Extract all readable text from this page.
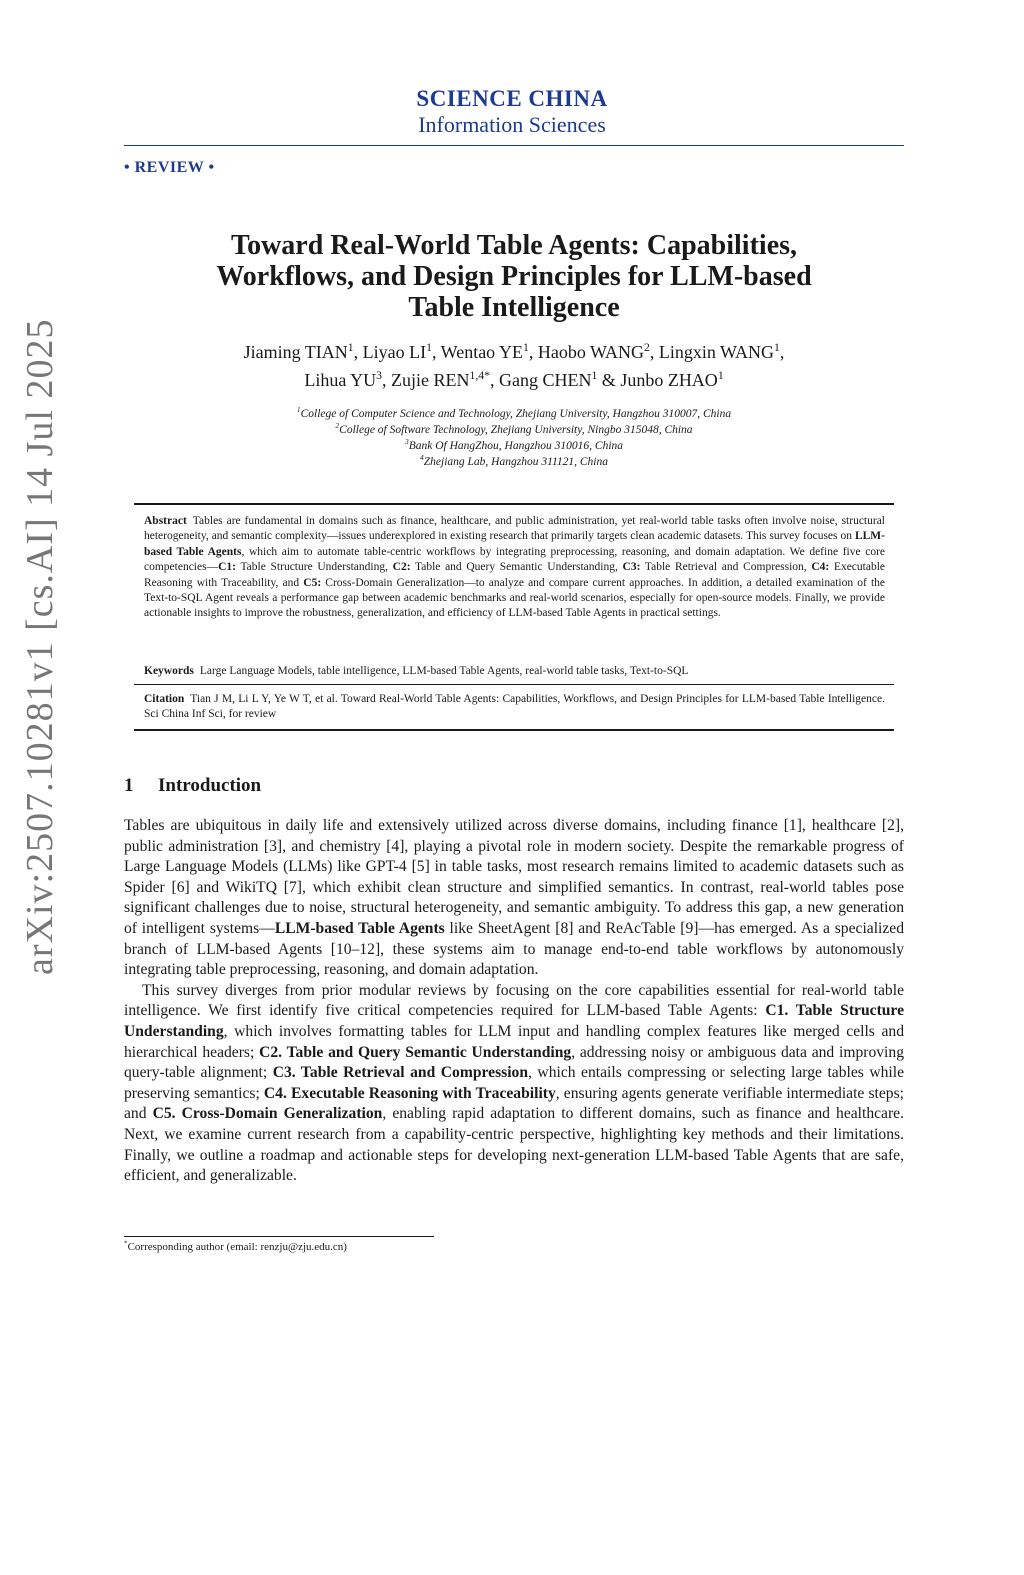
arXiv:2507.10281v1 [cs.AI] 14 Jul 2025
SCIENCE CHINA
Information Sciences
• REVIEW •
Toward Real-World Table Agents: Capabilities,
Workflows, and Design Principles for LLM-based
Table Intelligence
Jiaming TIAN$^1$, Liyao $LI^1$, Wentao $YE^1$, Haobo WANG$^2$, Lingxin WANG$^1$,
Lihua $YU^3$, Zujie $REN^{1,4*}$, Gang CHEN$^1$ & Junbo ZHAO$^1$
$^1$College of Computer Science and Technology, Zhejiang University, Hangzhou 310007, China
$^2$College of Software Technology, Zhejiang University, Ningbo 315048, China
$^3$Bank Of HangZhou, Hangzhou 310016, China
$^4$Zhejiang Lab, Hangzhou 311121, China
Abstract Tables are fundamental in domains such as finance, healthcare, and public administration, yet real-world table tasks often involve noise, structural heterogeneity, and semantic complexity—issues underexplored in existing research that primarily targets clean academic datasets. This survey focuses on LLM-based Table Agents, which aim to automate table-centric workflows by integrating preprocessing, reasoning, and domain adaptation. We define five core competencies—C1: Table Structure Understanding, C2: Table and Query Semantic Understanding, C3: Table Retrieval and Compression, C4: Executable Reasoning with Traceability, and C5: Cross-Domain Generalization—to analyze and compare current approaches. In addition, a detailed examination of the Text-to-SQL Agent reveals a performance gap between academic benchmarks and real-world scenarios, especially for open-source models. Finally, we provide actionable insights to improve the robustness, generalization, and efficiency of LLM-based Table Agents in practical settings.
Keywords Large Language Models, table intelligence, LLM-based Table Agents, real-world table tasks, Text-to-SQL
Citation Tian J M, Li L Y, Ye W T, et al. Toward Real-World Table Agents: Capabilities, Workflows, and Design Principles for LLM-based Table Intelligence. Sci China Inf Sci, for review
1 Introduction

Tables are ubiquitous in daily life and extensively utilized across diverse domains, including finance [1], healthcare [2], public administration [3], and chemistry [4], playing a pivotal role in modern society. Despite the remarkable progress of Large Language Models (LLMs) like GPT-4 [5] in table tasks, most research remains limited to academic datasets such as Spider [6] and WikiTQ [7], which exhibit clean structure and simplified semantics. In contrast, real-world tables pose significant challenges due to noise, structural heterogeneity, and semantic ambiguity. To address this gap, a new generation of intelligent systems—LLM-based Table Agents like SheetAgent [8] and ReAcTable [9]—has emerged. As a specialized branch of LLM-based Agents [10–12], these systems aim to manage end-to-end table workflows by autonomously integrating table preprocessing, reasoning, and domain adaptation.

This survey diverges from prior modular reviews by focusing on the core capabilities essential for real-world table intelligence. We first identify five critical competencies required for LLM-based Table Agents: C1. Table Structure Understanding, which involves formatting tables for LLM input and handling complex features like merged cells and hierarchical headers; C2. Table and Query Semantic Understanding, addressing noisy or ambiguous data and improving query-table alignment; C3. Table Retrieval and Compression, which entails compressing or selecting large tables while preserving semantics; C4. Executable Reasoning with Traceability, ensuring agents generate verifiable intermediate steps; and C5. Cross-Domain Generalization, enabling rapid adaptation to different domains, such as finance and healthcare. Next, we examine current research from a capability-centric perspective, highlighting key methods and their limitations. Finally, we outline a roadmap and actionable steps for developing next-generation LLM-based Table Agents that are safe, efficient, and generalizable.

*Corresponding author (email: renzju@zju.edu.cn)
